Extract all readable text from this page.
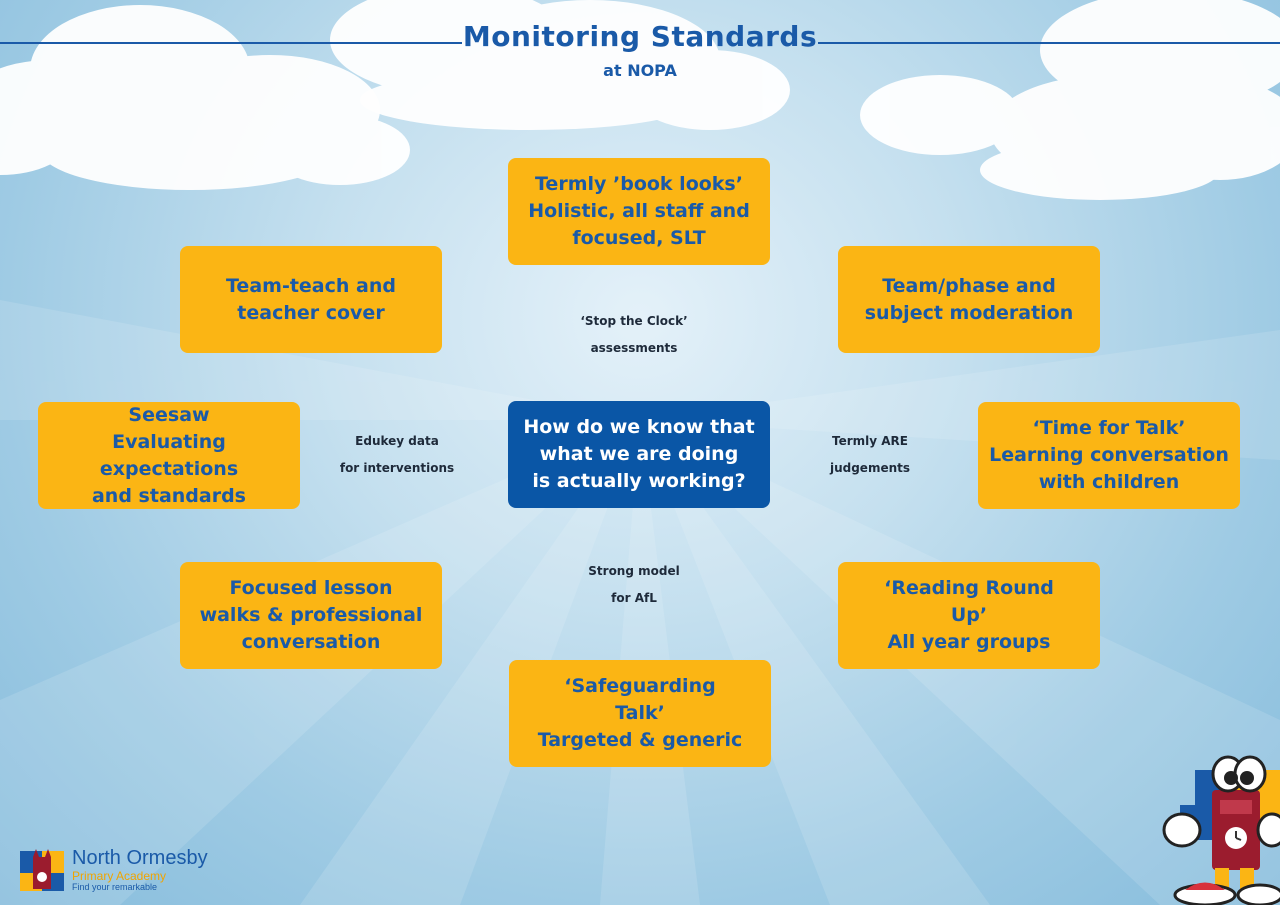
Monitoring Standards
at NOPA
Termly ’book looks’
Holistic, all staff and
focused, SLT
Team-teach and
teacher cover
Team/phase and
subject moderation
Seesaw
Evaluating expectations
and standards
How do we know that
what we are doing
is actually working?
‘Time for Talk’
Learning conversation
with children
Focused lesson
walks & professional
conversation
‘Reading Round
Up’
All year groups
‘Safeguarding
Talk’
Targeted & generic
‘Stop the Clock’
assessments
Edukey data
for interventions
Termly ARE
judgements
Strong model
for AfL
North Ormesby
Primary Academy
Find your remarkable
